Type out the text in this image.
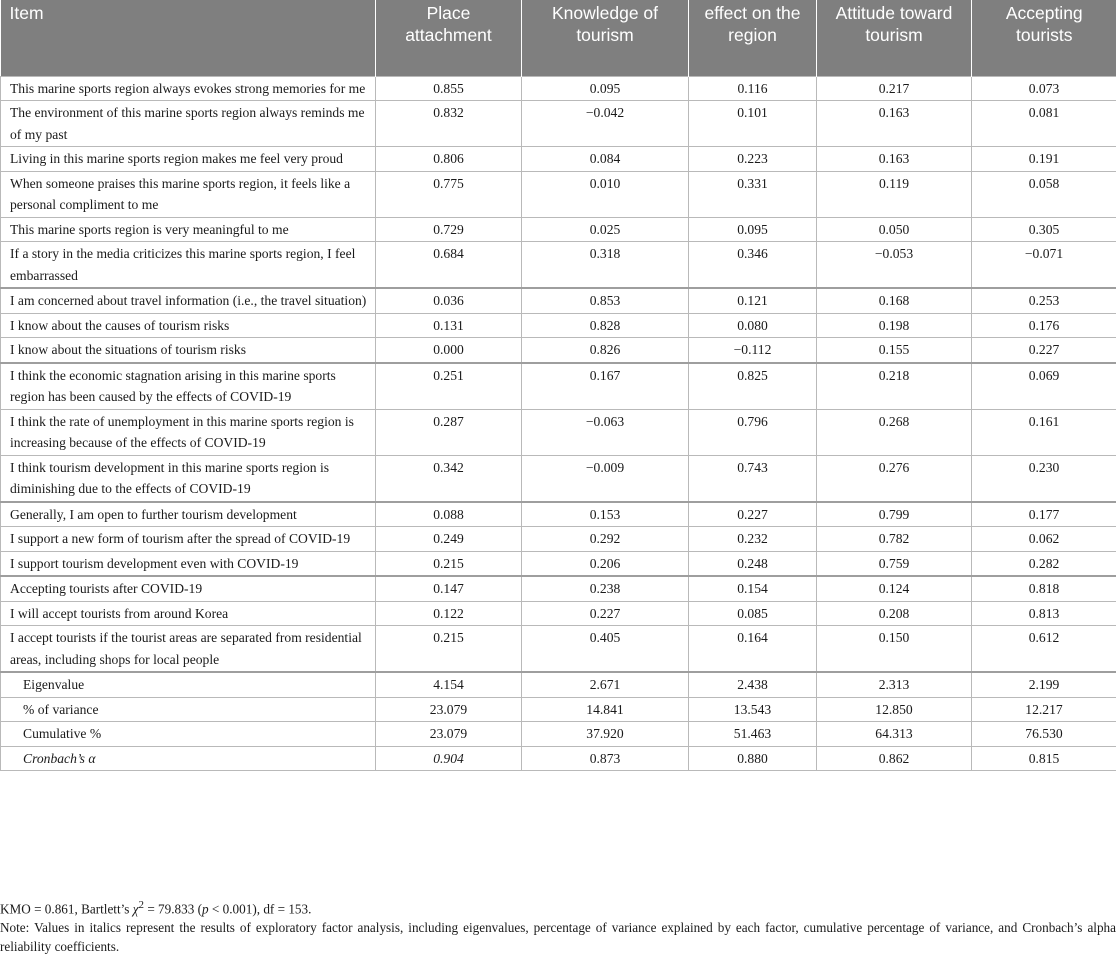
Item	Place attachment	Knowledge of tourism	effect on the region	Attitude toward tourism	Accepting tourists
This marine sports region always evokes strong memories for me	0.855	0.095	0.116	0.217	0.073
The environment of this marine sports region always reminds me of my past	0.832	−0.042	0.101	0.163	0.081
Living in this marine sports region makes me feel very proud	0.806	0.084	0.223	0.163	0.191
When someone praises this marine sports region, it feels like a personal compliment to me	0.775	0.010	0.331	0.119	0.058
This marine sports region is very meaningful to me	0.729	0.025	0.095	0.050	0.305
If a story in the media criticizes this marine sports region, I feel embarrassed	0.684	0.318	0.346	−0.053	−0.071
I am concerned about travel information (i.e., the travel situation)	0.036	0.853	0.121	0.168	0.253
I know about the causes of tourism risks	0.131	0.828	0.080	0.198	0.176
I know about the situations of tourism risks	0.000	0.826	−0.112	0.155	0.227
I think the economic stagnation arising in this marine sports region has been caused by the effects of COVID-19	0.251	0.167	0.825	0.218	0.069
I think the rate of unemployment in this marine sports region is increasing because of the effects of COVID-19	0.287	−0.063	0.796	0.268	0.161
I think tourism development in this marine sports region is diminishing due to the effects of COVID-19	0.342	−0.009	0.743	0.276	0.230
Generally, I am open to further tourism development	0.088	0.153	0.227	0.799	0.177
I support a new form of tourism after the spread of COVID-19	0.249	0.292	0.232	0.782	0.062
I support tourism development even with COVID-19	0.215	0.206	0.248	0.759	0.282
Accepting tourists after COVID-19	0.147	0.238	0.154	0.124	0.818
I will accept tourists from around Korea	0.122	0.227	0.085	0.208	0.813
I accept tourists if the tourist areas are separated from residential areas, including shops for local people	0.215	0.405	0.164	0.150	0.612
Eigenvalue	4.154	2.671	2.438	2.313	2.199
% of variance	23.079	14.841	13.543	12.850	12.217
Cumulative %	23.079	37.920	51.463	64.313	76.530
Cronbach’s α	0.904	0.873	0.880	0.862	0.815

KMO = 0.861, Bartlett’s $\chi^2 = 79.833$ (p < 0.001), df = 153.

Note: Values in italics represent the results of exploratory factor analysis, including eigenvalues, percentage of variance explained by each factor, cumulative percentage of variance, and Cronbach’s alpha reliability coefficients.
